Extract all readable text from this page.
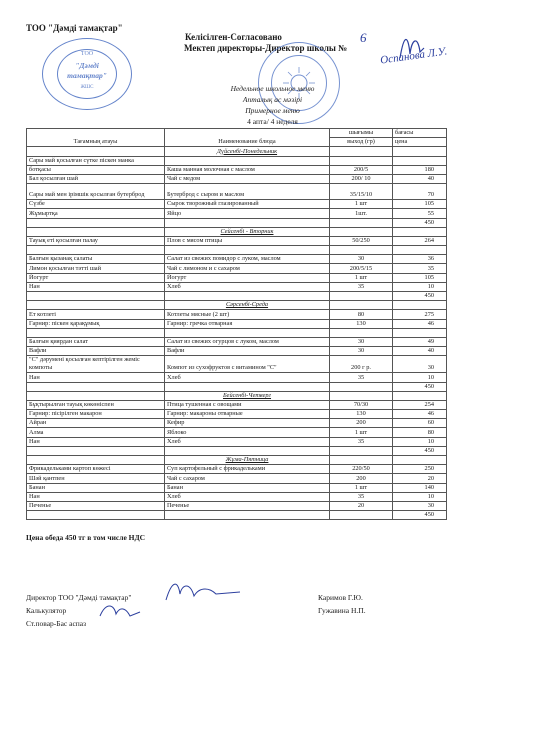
ТОО "Дәмді тамақтар"
Келісілген-Согласовано
Мектеп директоры-Директор школы №
6
Оспанова Л.У.
ТОО
"Дәмді
тамақтар"
ЖШС	Недельное школьное меню
Апталық ас мәзірі
Примерное меню
4 апта/ 4 неделя
Тағамның атауы	Наименование блюда	шығымы	бағасы
		выход (гр)	цена
	Дүйсенбі-Понедельник		
Сары май қосылған сүтке піскен манка			
ботқасы	Каша манная молочная с маслом	200/5	180
Бал қосылған шай	Чай с медом	200/ 10	40
Сары май мен ірімшік қосылған бутерброд	Бутерброд с сыром и маслом	35/15/10	70
Сүзбе	Сырок творожный глазированный	1 шт	105
Жұмыртқа	Яйцо	1шт.	55
			450
	Сейсенбі - Вторник		
Тауық етi қосылған палау	Плов с мясом птицы	50/250	264

Балғын қызанақ салаты	Салат из свежих помидор с луком, маслом	30	36
Лимон қосылған тәтті шай	Чай с лимоном и с сахаром	200/5/15	35
Йогурт	Йогурт	1 шт	105
Нан	Хлеб	35	10
			450
	Сәрсенбі-Среда		
Ет котлеті	Котлеты мясные (2 шт)	80	275
Гарнир: піскен қарақұмық	Гарнир: гречка отварная	130	46

Балғын қиярдан салат	Салат из свежих огурцов с луком, маслом	30	49
Вафли	Вафли	30	40
"С" дәрумені қосылған кептірілген жеміс компоты	Компот из сухофруктов с витамином "С"	200 г р.	30
Нан	Хлеб	35	10
			450
	Бейсенбі-Четверг		
Бұқтырылған тауық көкөніспен	Птица тушенная с овощами	70/30	254
Гарнир: пісірілген макарон	Гарнир: макароны отварные	130	46
Айран	Кефир	200	60
Алма	Яблоко	1 шт	80
Нан	Хлеб	35	10
			450
	Жұма-Пятница		
Фрикадельками картоп көжесі	Суп картофельный с фрикадельками	220/50	250
Шәй қантпен	Чай с сахаром	200	20
Банан	Банан	1 шт	140
Нан	Хлеб	35	10
Печенье	Печенье	20	30
			450
Цена обеда 450 тг в том числе НДС
Директор ТОО "Дәмді тамақтар"	Каримов Г.Ю.
Калькулятор	Гужавина Н.П.
Ст.повар-Бас аспаз
